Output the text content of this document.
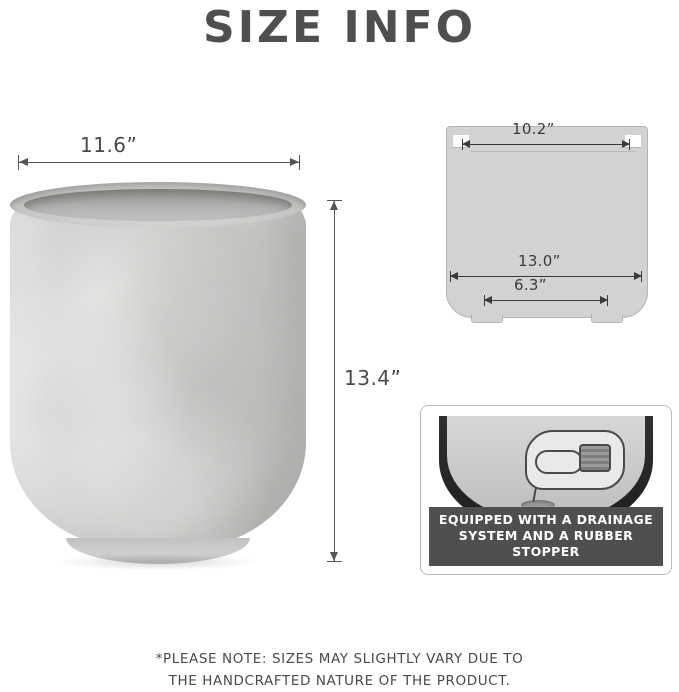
SIZE INFO
11.6”
13.4”
10.2”
13.0”
6.3”
EQUIPPED WITH A DRAINAGE
SYSTEM AND A RUBBER STOPPER
*PLEASE NOTE: SIZES MAY SLIGHTLY VARY DUE TO
THE HANDCRAFTED NATURE OF THE PRODUCT.
